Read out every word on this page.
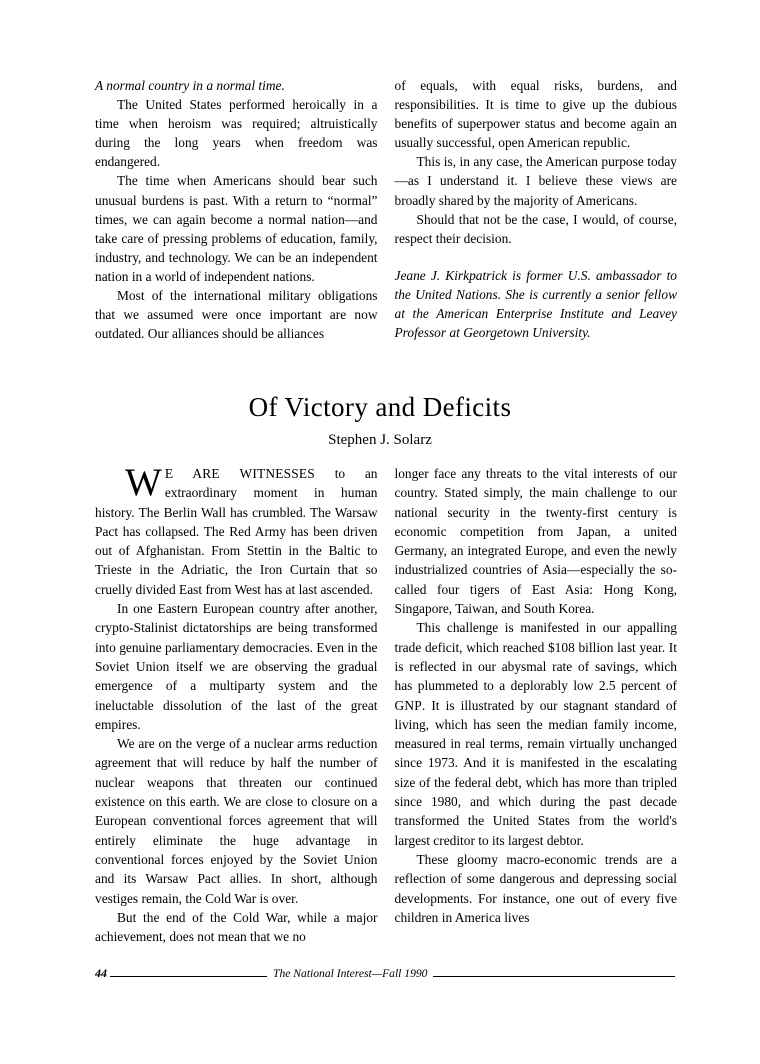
A normal country in a normal time.

The United States performed heroically in a time when heroism was required; altruistically during the long years when freedom was endangered.

The time when Americans should bear such unusual burdens is past. With a return to “normal” times, we can again become a normal nation—and take care of pressing problems of education, family, industry, and technology. We can be an independent nation in a world of independent nations.

Most of the international military obligations that we assumed were once important are now outdated. Our alliances should be alliances

of equals, with equal risks, burdens, and responsibilities. It is time to give up the dubious benefits of superpower status and become again an usually successful, open American republic.

This is, in any case, the American purpose today—as I understand it. I believe these views are broadly shared by the majority of Americans.

Should that not be the case, I would, of course, respect their decision.

Jeane J. Kirkpatrick is former U.S. ambassador to the United Nations. She is currently a senior fellow at the American Enterprise Institute and Leavey Professor at Georgetown University.

Of Victory and Deficits
Stephen J. Solarz

W E ARE WITNESSES to an extraordinary moment in human history. The Berlin Wall has crumbled. The Warsaw Pact has collapsed. The Red Army has been driven out of Afghanistan. From Stettin in the Baltic to Trieste in the Adriatic, the Iron Curtain that so cruelly divided East from West has at last ascended.

In one Eastern European country after another, crypto-Stalinist dictatorships are being transformed into genuine parliamentary democracies. Even in the Soviet Union itself we are observing the gradual emergence of a multiparty system and the ineluctable dissolution of the last of the great empires.

We are on the verge of a nuclear arms reduction agreement that will reduce by half the number of nuclear weapons that threaten our continued existence on this earth. We are close to closure on a European conventional forces agreement that will entirely eliminate the huge advantage in conventional forces enjoyed by the Soviet Union and its Warsaw Pact allies. In short, although vestiges remain, the Cold War is over.

But the end of the Cold War, while a major achievement, does not mean that we no

longer face any threats to the vital interests of our country. Stated simply, the main challenge to our national security in the twenty-first century is economic competition from Japan, a united Germany, an integrated Europe, and even the newly industrialized countries of Asia—especially the so-called four tigers of East Asia: Hong Kong, Singapore, Taiwan, and South Korea.

This challenge is manifested in our appalling trade deficit, which reached $108 billion last year. It is reflected in our abysmal rate of savings, which has plummeted to a deplorably low 2.5 percent of GNP. It is illustrated by our stagnant standard of living, which has seen the median family income, measured in real terms, remain virtually unchanged since 1973. And it is manifested in the escalating size of the federal debt, which has more than tripled since 1980, and which during the past decade transformed the United States from the world's largest creditor to its largest debtor.

These gloomy macro-economic trends are a reflection of some dangerous and depressing social developments. For instance, one out of every five children in America lives

44	The National Interest—Fall 1990
